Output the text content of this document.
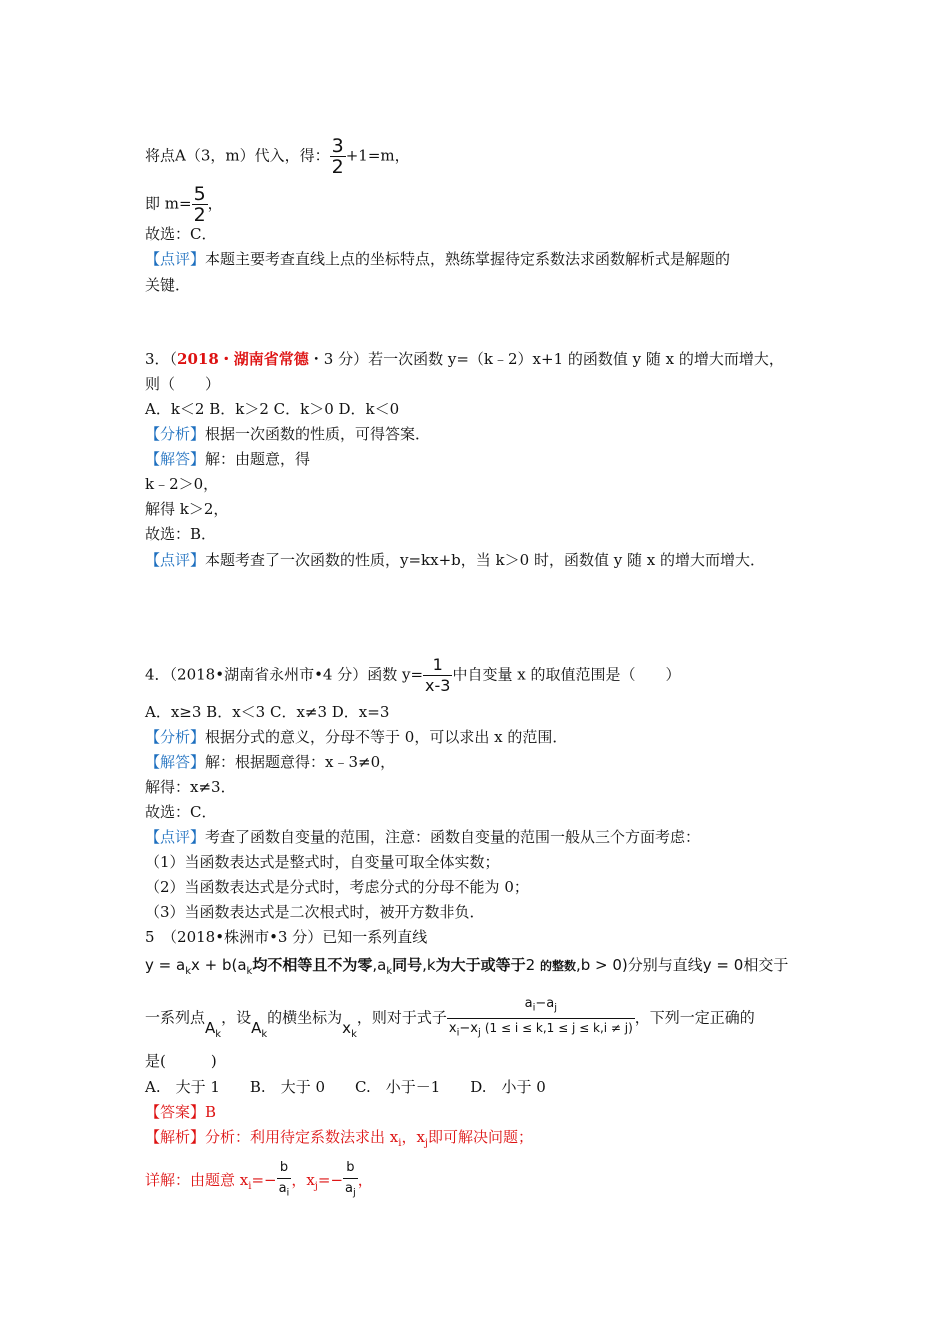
将点A（3，m）代入，得： $\frac{3}{2} +1=m$，
即 $m= \frac{5}{2}$ ，
故选：C．
【点评】本题主要考查直线上点的坐标特点，熟练掌握待定系数法求函数解析式是解题的
关键．
3．（2018・湖南省常德・3 分）若一次函数 y=（k﹣2）x+1 的函数值 y 随 x 的增大而增大，
则（　　）
A．k＜2 B．k＞2 C．k＞0 D．k＜0
【分析】根据一次函数的性质，可得答案．
【解答】解：由题意，得
k﹣2＞0，
解得 k＞2，
故选：B．
【点评】本题考查了一次函数的性质，y=kx+b，当 k＞0 时，函数值 y 随 x 的增大而增大．
4．（2018•湖南省永州市•4 分）函数 $y= \frac{1}{x-3}$ 中自变量 x 的取值范围是（　　）
A．x≥3 B．x＜3 C．x≠3 D．x=3
【分析】根据分式的意义，分母不等于 0，可以求出 x 的范围．
【解答】解：根据题意得：x﹣3≠0，
解得：x≠3．
故选：C．
【点评】考查了函数自变量的范围，注意：函数自变量的范围一般从三个方面考虑：
（1）当函数表达式是整式时，自变量可取全体实数；
（2）当函数表达式是分式时，考虑分式的分母不能为 0；
（3）当函数表达式是二次根式时，被开方数非负．
5　（2018•株洲市•3 分）已知一系列直线
$y = a_kx + b(a_k$均不相等且不为零$,a_k$同号,k为大于或等于2 的整数,b > 0)分别与直线y = 0相交于
一系列点$A_k$，设$A_k$的横坐标为$x_k$，则对于式子 $\frac{a_i-a_j}{x_i-x_j (1 \le i \le k,1 \le j \le k,i \ne j)}$ ，下列一定正确的
是(　　　)
A.　大于 1　　B.　大于 0　　C.　小于－1　　D.　小于 0
【答案】B
【解析】分析：利用待定系数法求出 $x_i$，$x_j$即可解决问题；
详解：由题意 $x_i=- \frac{b}{a_i}$ ，$x_j=- \frac{b}{a_j}$ ，
